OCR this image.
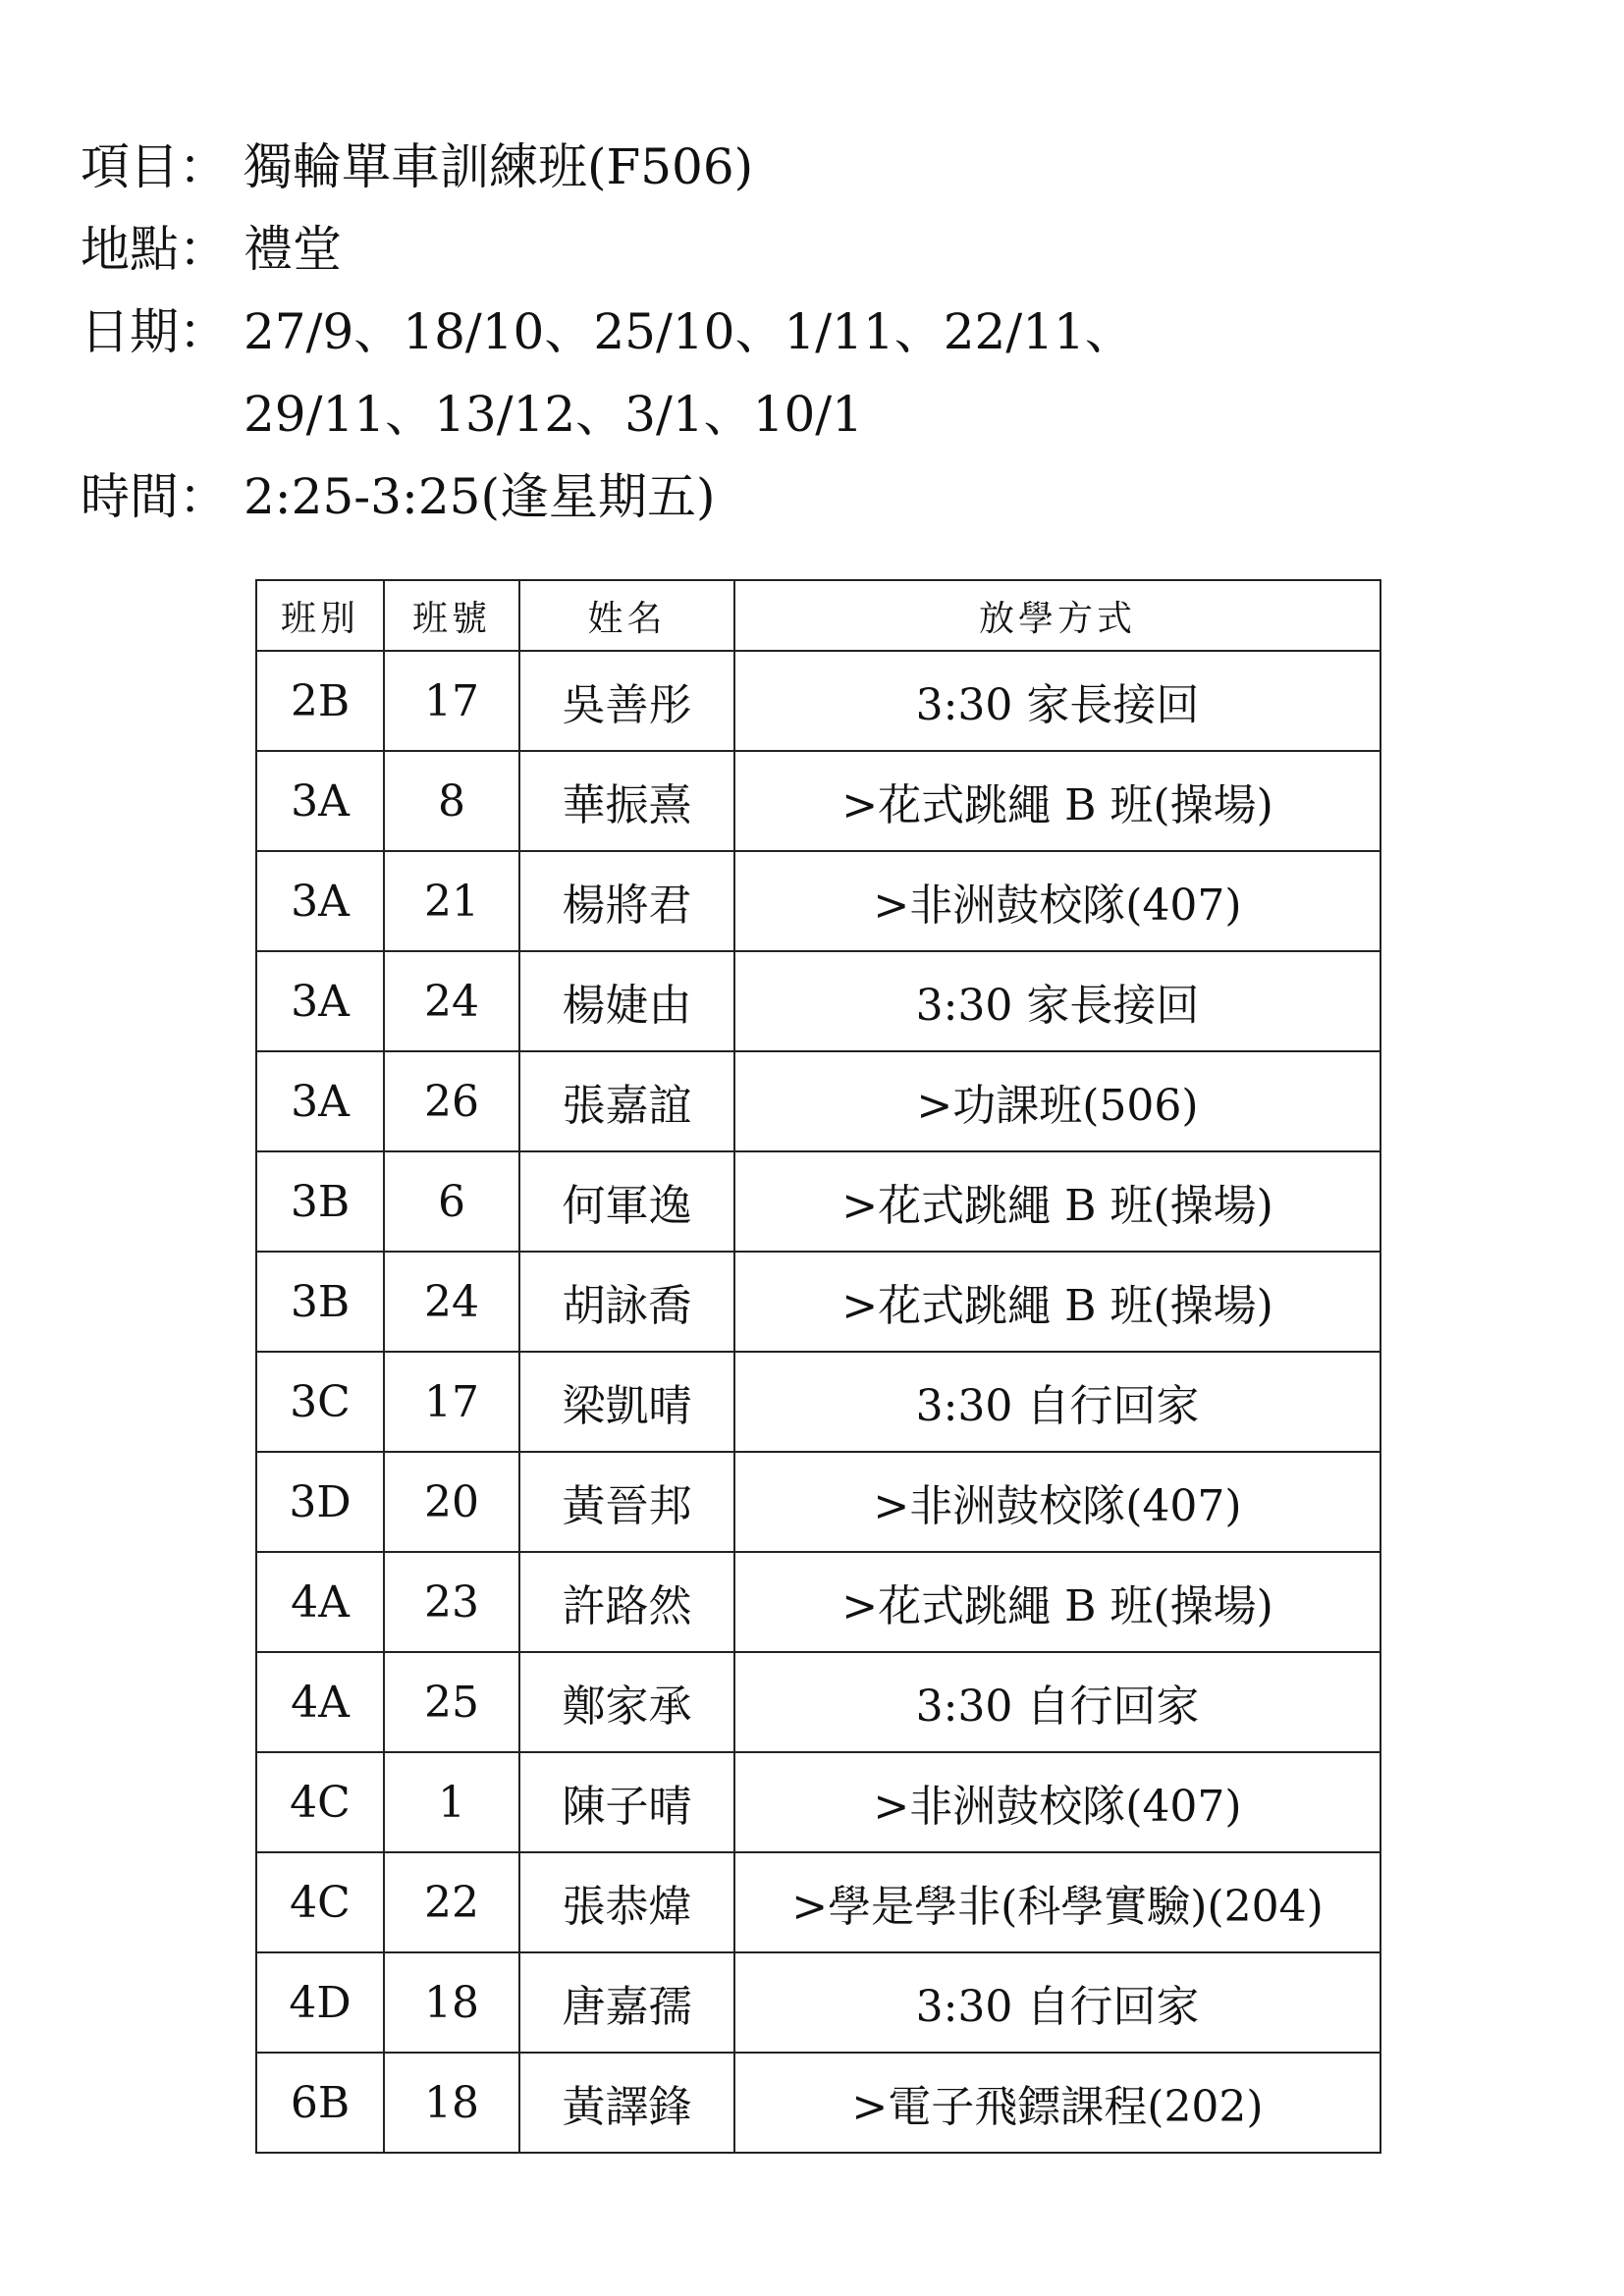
項目： 獨輪單車訓練班(F506)
地點： 禮堂
日期： 27/9、18/10、25/10、1/11、22/11、
29/11、13/12、3/1、10/1
時間： 2:25-3:25(逢星期五)
班別	班號	姓名	放學方式
2B	17	吳善彤	3:30 家長接回
3A	8	華振熹	>花式跳繩 B 班(操場)
3A	21	楊將君	>非洲鼓校隊(407)
3A	24	楊婕由	3:30 家長接回
3A	26	張嘉誼	>功課班(506)
3B	6	何軍逸	>花式跳繩 B 班(操場)
3B	24	胡詠喬	>花式跳繩 B 班(操場)
3C	17	梁凱晴	3:30 自行回家
3D	20	黃晉邦	>非洲鼓校隊(407)
4A	23	許路然	>花式跳繩 B 班(操場)
4A	25	鄭家承	3:30 自行回家
4C	1	陳子晴	>非洲鼓校隊(407)
4C	22	張恭煒	>學是學非(科學實驗)(204)
4D	18	唐嘉孺	3:30 自行回家
6B	18	黃譯鋒	>電子飛鏢課程(202)
